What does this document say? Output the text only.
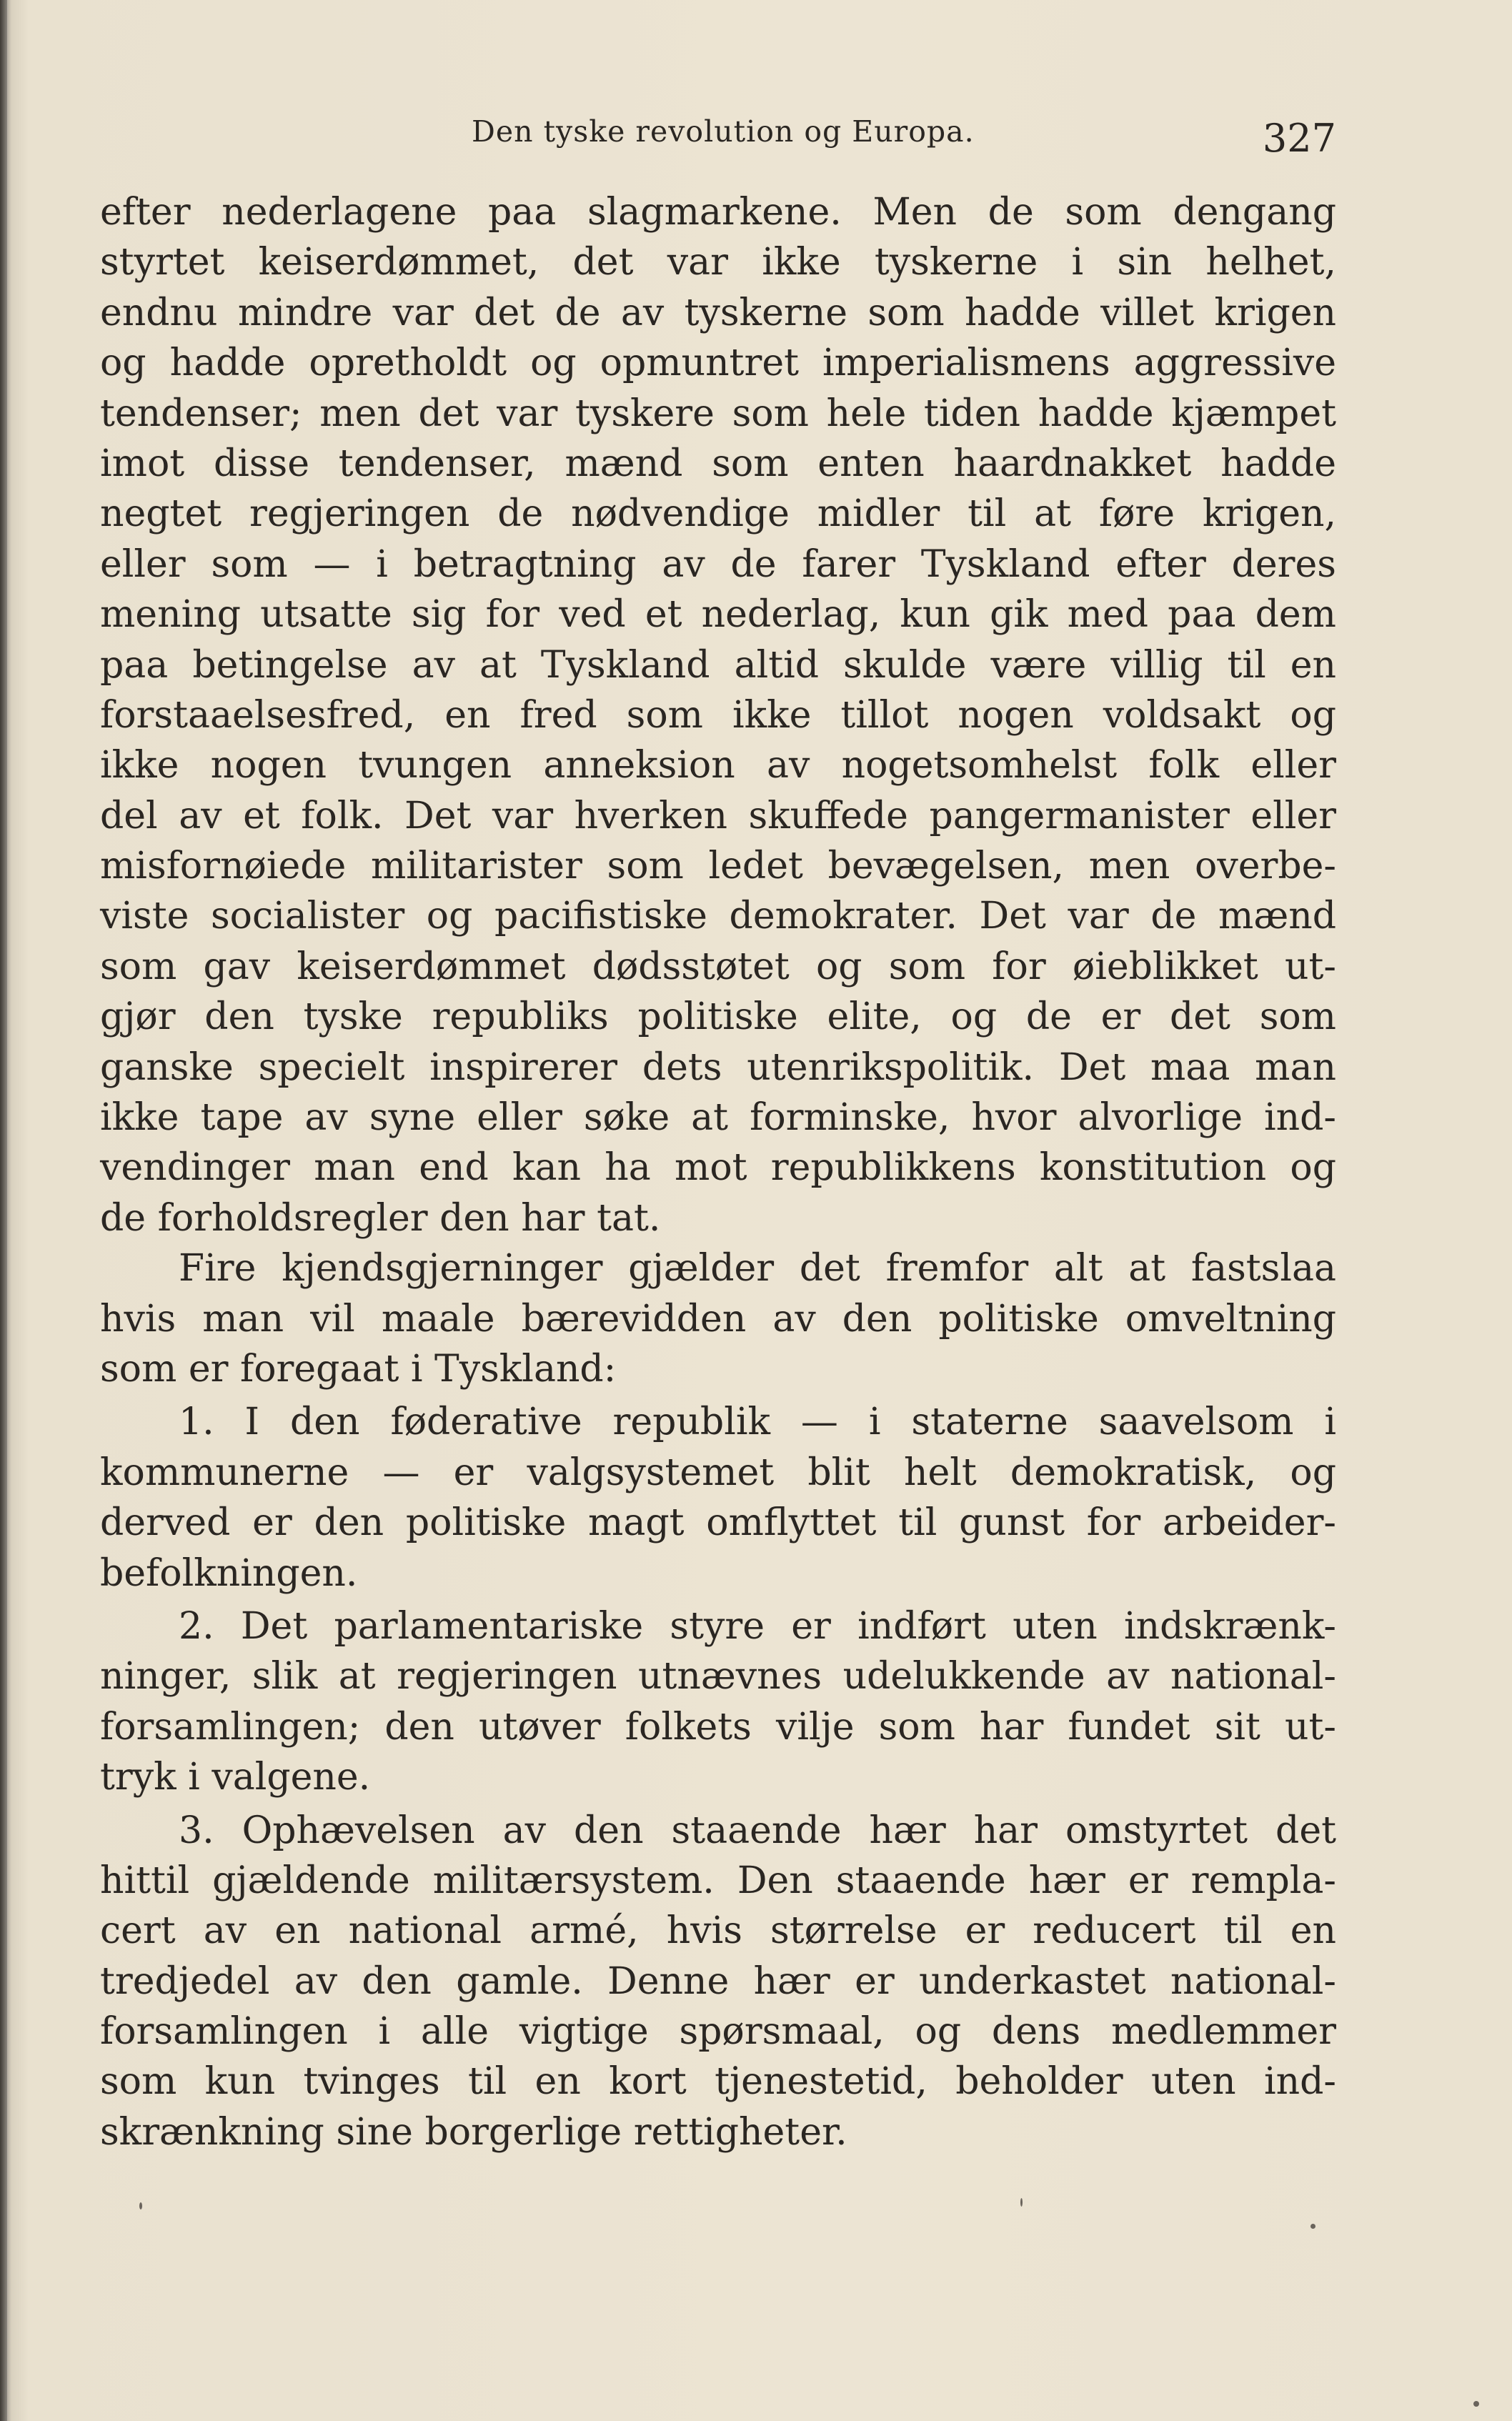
Den tyske revolution og Europa.	327
efter nederlagene paa slagmarkene. Men de som dengang
styrtet keiserdømmet, det var ikke tyskerne i sin helhet,
endnu mindre var det de av tyskerne som hadde villet krigen
og hadde opretholdt og opmuntret imperialismens aggressive
tendenser; men det var tyskere som hele tiden hadde kjæmpet
imot disse tendenser, mænd som enten haardnakket hadde
negtet regjeringen de nødvendige midler til at føre krigen,
eller som — i betragtning av de farer Tyskland efter deres
mening utsatte sig for ved et nederlag, kun gik med paa dem
paa betingelse av at Tyskland altid skulde være villig til en
forstaaelsesfred, en fred som ikke tillot nogen voldsakt og
ikke nogen tvungen anneksion av nogetsomhelst folk eller
del av et folk. Det var hverken skuffede pangermanister eller
misfornøiede militarister som ledet bevægelsen, men overbe-
viste socialister og pacifistiske demokrater. Det var de mænd
som gav keiserdømmet dødsstøtet og som for øieblikket ut-
gjør den tyske republiks politiske elite, og de er det som
ganske specielt inspirerer dets utenrikspolitik. Det maa man
ikke tape av syne eller søke at forminske, hvor alvorlige ind-
vendinger man end kan ha mot republikkens konstitution og
de forholdsregler den har tat.
Fire kjendsgjerninger gjælder det fremfor alt at fastslaa
hvis man vil maale bærevidden av den politiske omveltning
som er foregaat i Tyskland:
1. I den føderative republik — i staterne saavelsom i
kommunerne — er valgsystemet blit helt demokratisk, og
derved er den politiske magt omflyttet til gunst for arbeider-
befolkningen.
2. Det parlamentariske styre er indført uten indskrænk-
ninger, slik at regjeringen utnævnes udelukkende av national-
forsamlingen; den utøver folkets vilje som har fundet sit ut-
tryk i valgene.
3. Ophævelsen av den staaende hær har omstyrtet det
hittil gjældende militærsystem. Den staaende hær er rempla-
cert av en national armé, hvis størrelse er reducert til en
tredjedel av den gamle. Denne hær er underkastet national-
forsamlingen i alle vigtige spørsmaal, og dens medlemmer
som kun tvinges til en kort tjenestetid, beholder uten ind-
skrænkning sine borgerlige rettigheter.
